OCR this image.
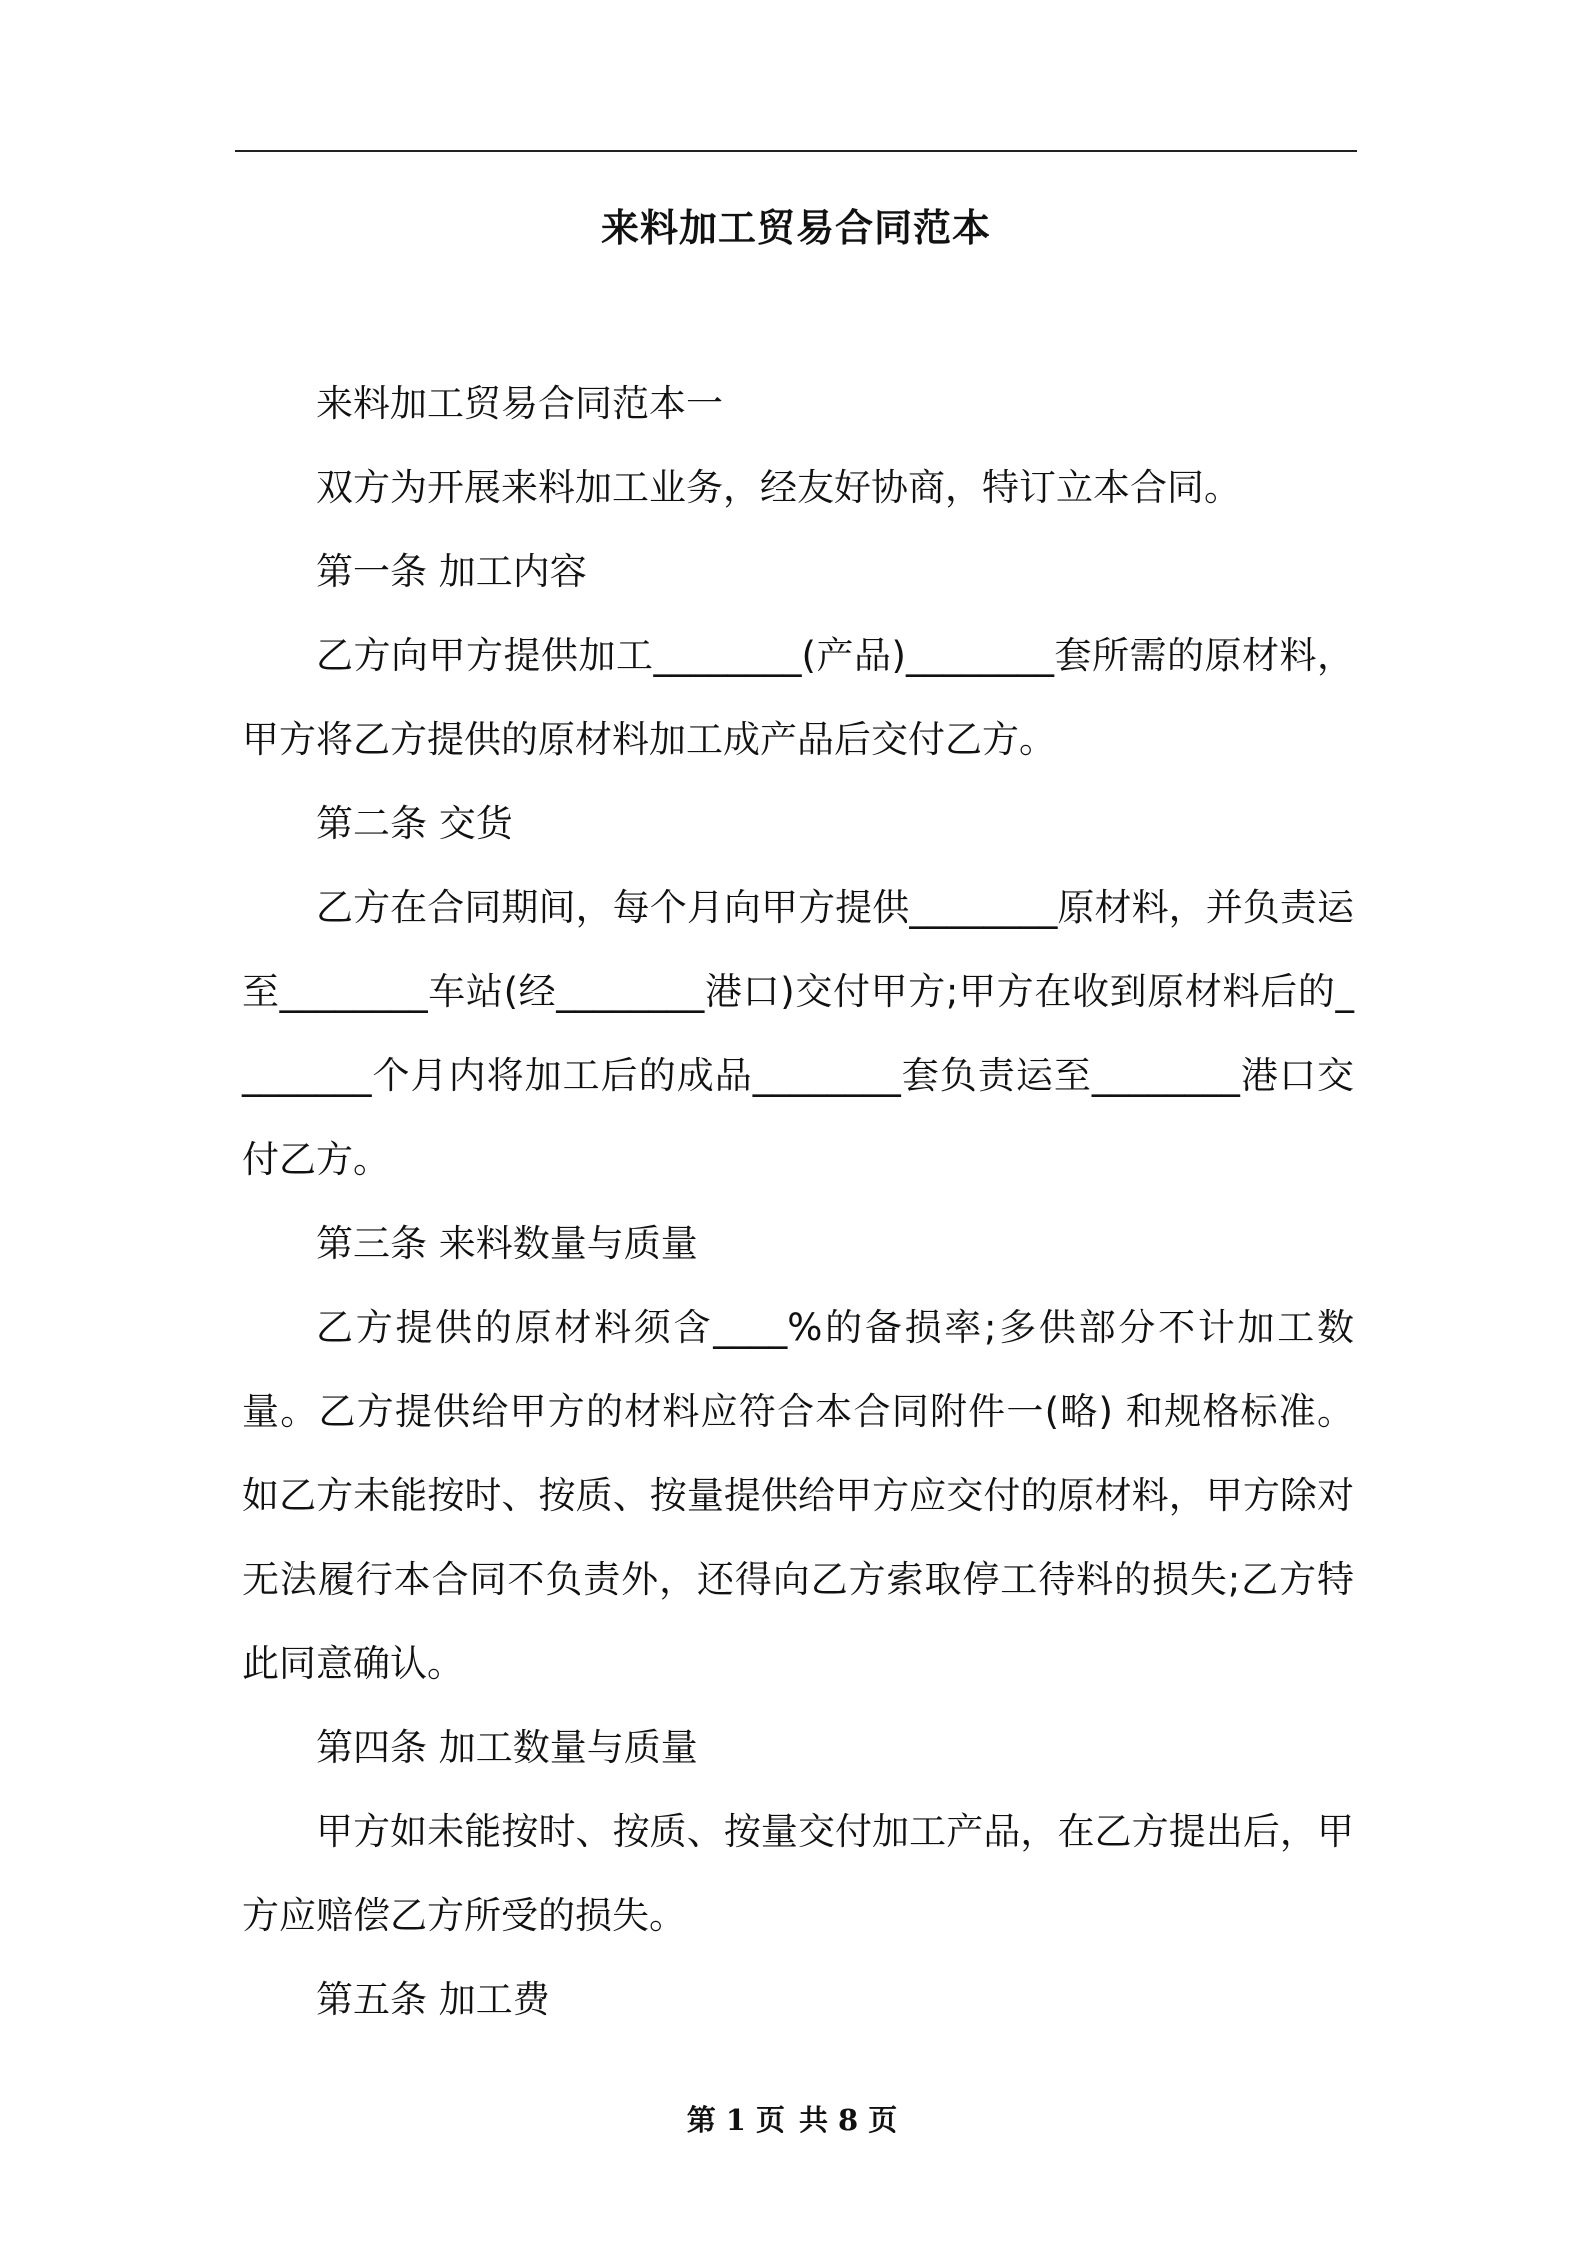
来料加工贸易合同范本

来料加工贸易合同范本一

双方为开展来料加工业务，经友好协商，特订立本合同。

第一条 加工内容

乙方向甲方提供加工________(产品)________套所需的原材料，甲方将乙方提供的原材料加工成产品后交付乙方。

第二条 交货

乙方在合同期间，每个月向甲方提供________原材料，并负责运至________车站(经________港口)交付甲方;甲方在收到原材料后的________个月内将加工后的成品________套负责运至________港口交付乙方。

第三条 来料数量与质量

乙方提供的原材料须含____%的备损率;多供部分不计加工数量。乙方提供给甲方的材料应符合本合同附件一(略) 和规格标准。如乙方未能按时、按质、按量提供给甲方应交付的原材料，甲方除对无法履行本合同不负责外，还得向乙方索取停工待料的损失;乙方特此同意确认。

第四条 加工数量与质量

甲方如未能按时、按质、按量交付加工产品，在乙方提出后，甲方应赔偿乙方所受的损失。

第五条 加工费

第 1 页 共 8 页
